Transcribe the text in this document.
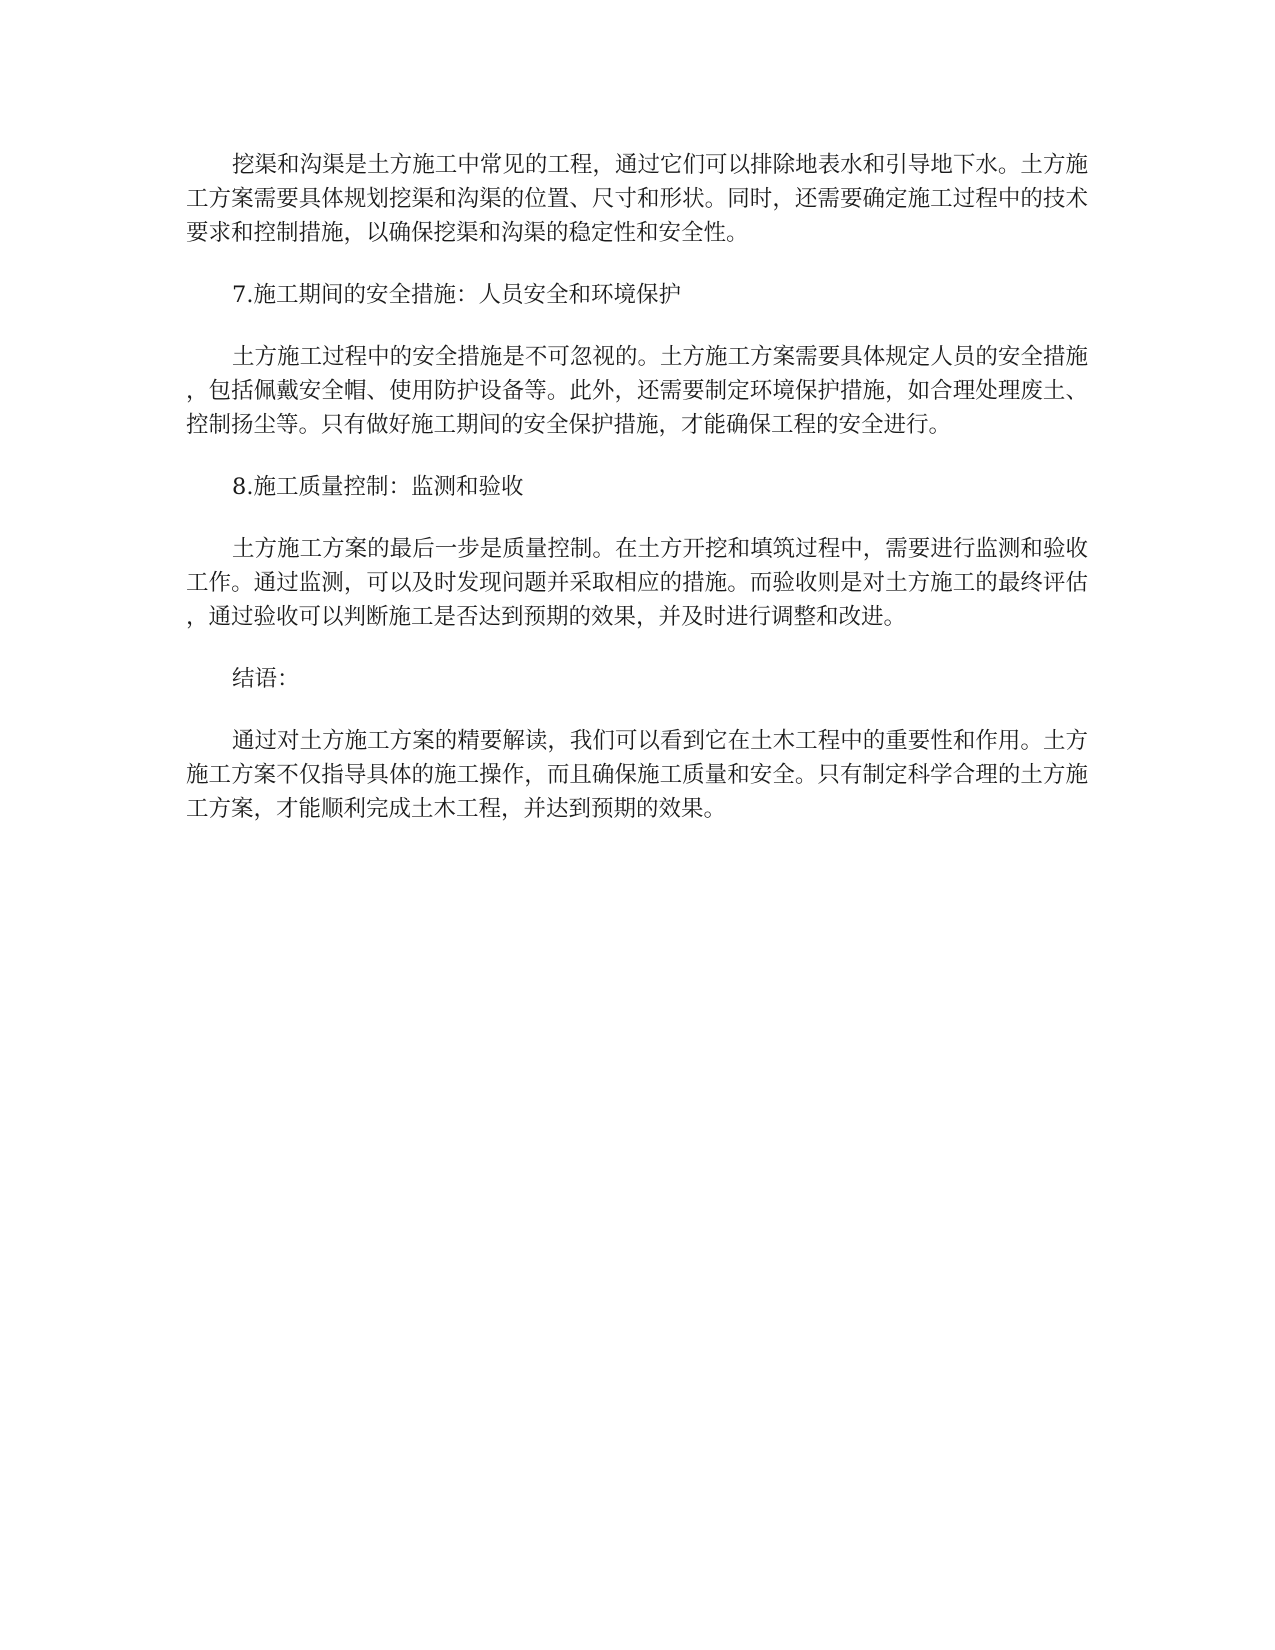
挖渠和沟渠是土方施工中常见的工程，通过它们可以排除地表水和引导地下水。土方施工方案需要具体规划挖渠和沟渠的位置、尺寸和形状。同时，还需要确定施工过程中的技术要求和控制措施，以确保挖渠和沟渠的稳定性和安全性。

7.施工期间的安全措施：人员安全和环境保护

土方施工过程中的安全措施是不可忽视的。土方施工方案需要具体规定人员的安全措施，包括佩戴安全帽、使用防护设备等。此外，还需要制定环境保护措施，如合理处理废土、控制扬尘等。只有做好施工期间的安全保护措施，才能确保工程的安全进行。

8.施工质量控制：监测和验收

土方施工方案的最后一步是质量控制。在土方开挖和填筑过程中，需要进行监测和验收工作。通过监测，可以及时发现问题并采取相应的措施。而验收则是对土方施工的最终评估，通过验收可以判断施工是否达到预期的效果，并及时进行调整和改进。

结语：

通过对土方施工方案的精要解读，我们可以看到它在土木工程中的重要性和作用。土方施工方案不仅指导具体的施工操作，而且确保施工质量和安全。只有制定科学合理的土方施工方案，才能顺利完成土木工程，并达到预期的效果。
